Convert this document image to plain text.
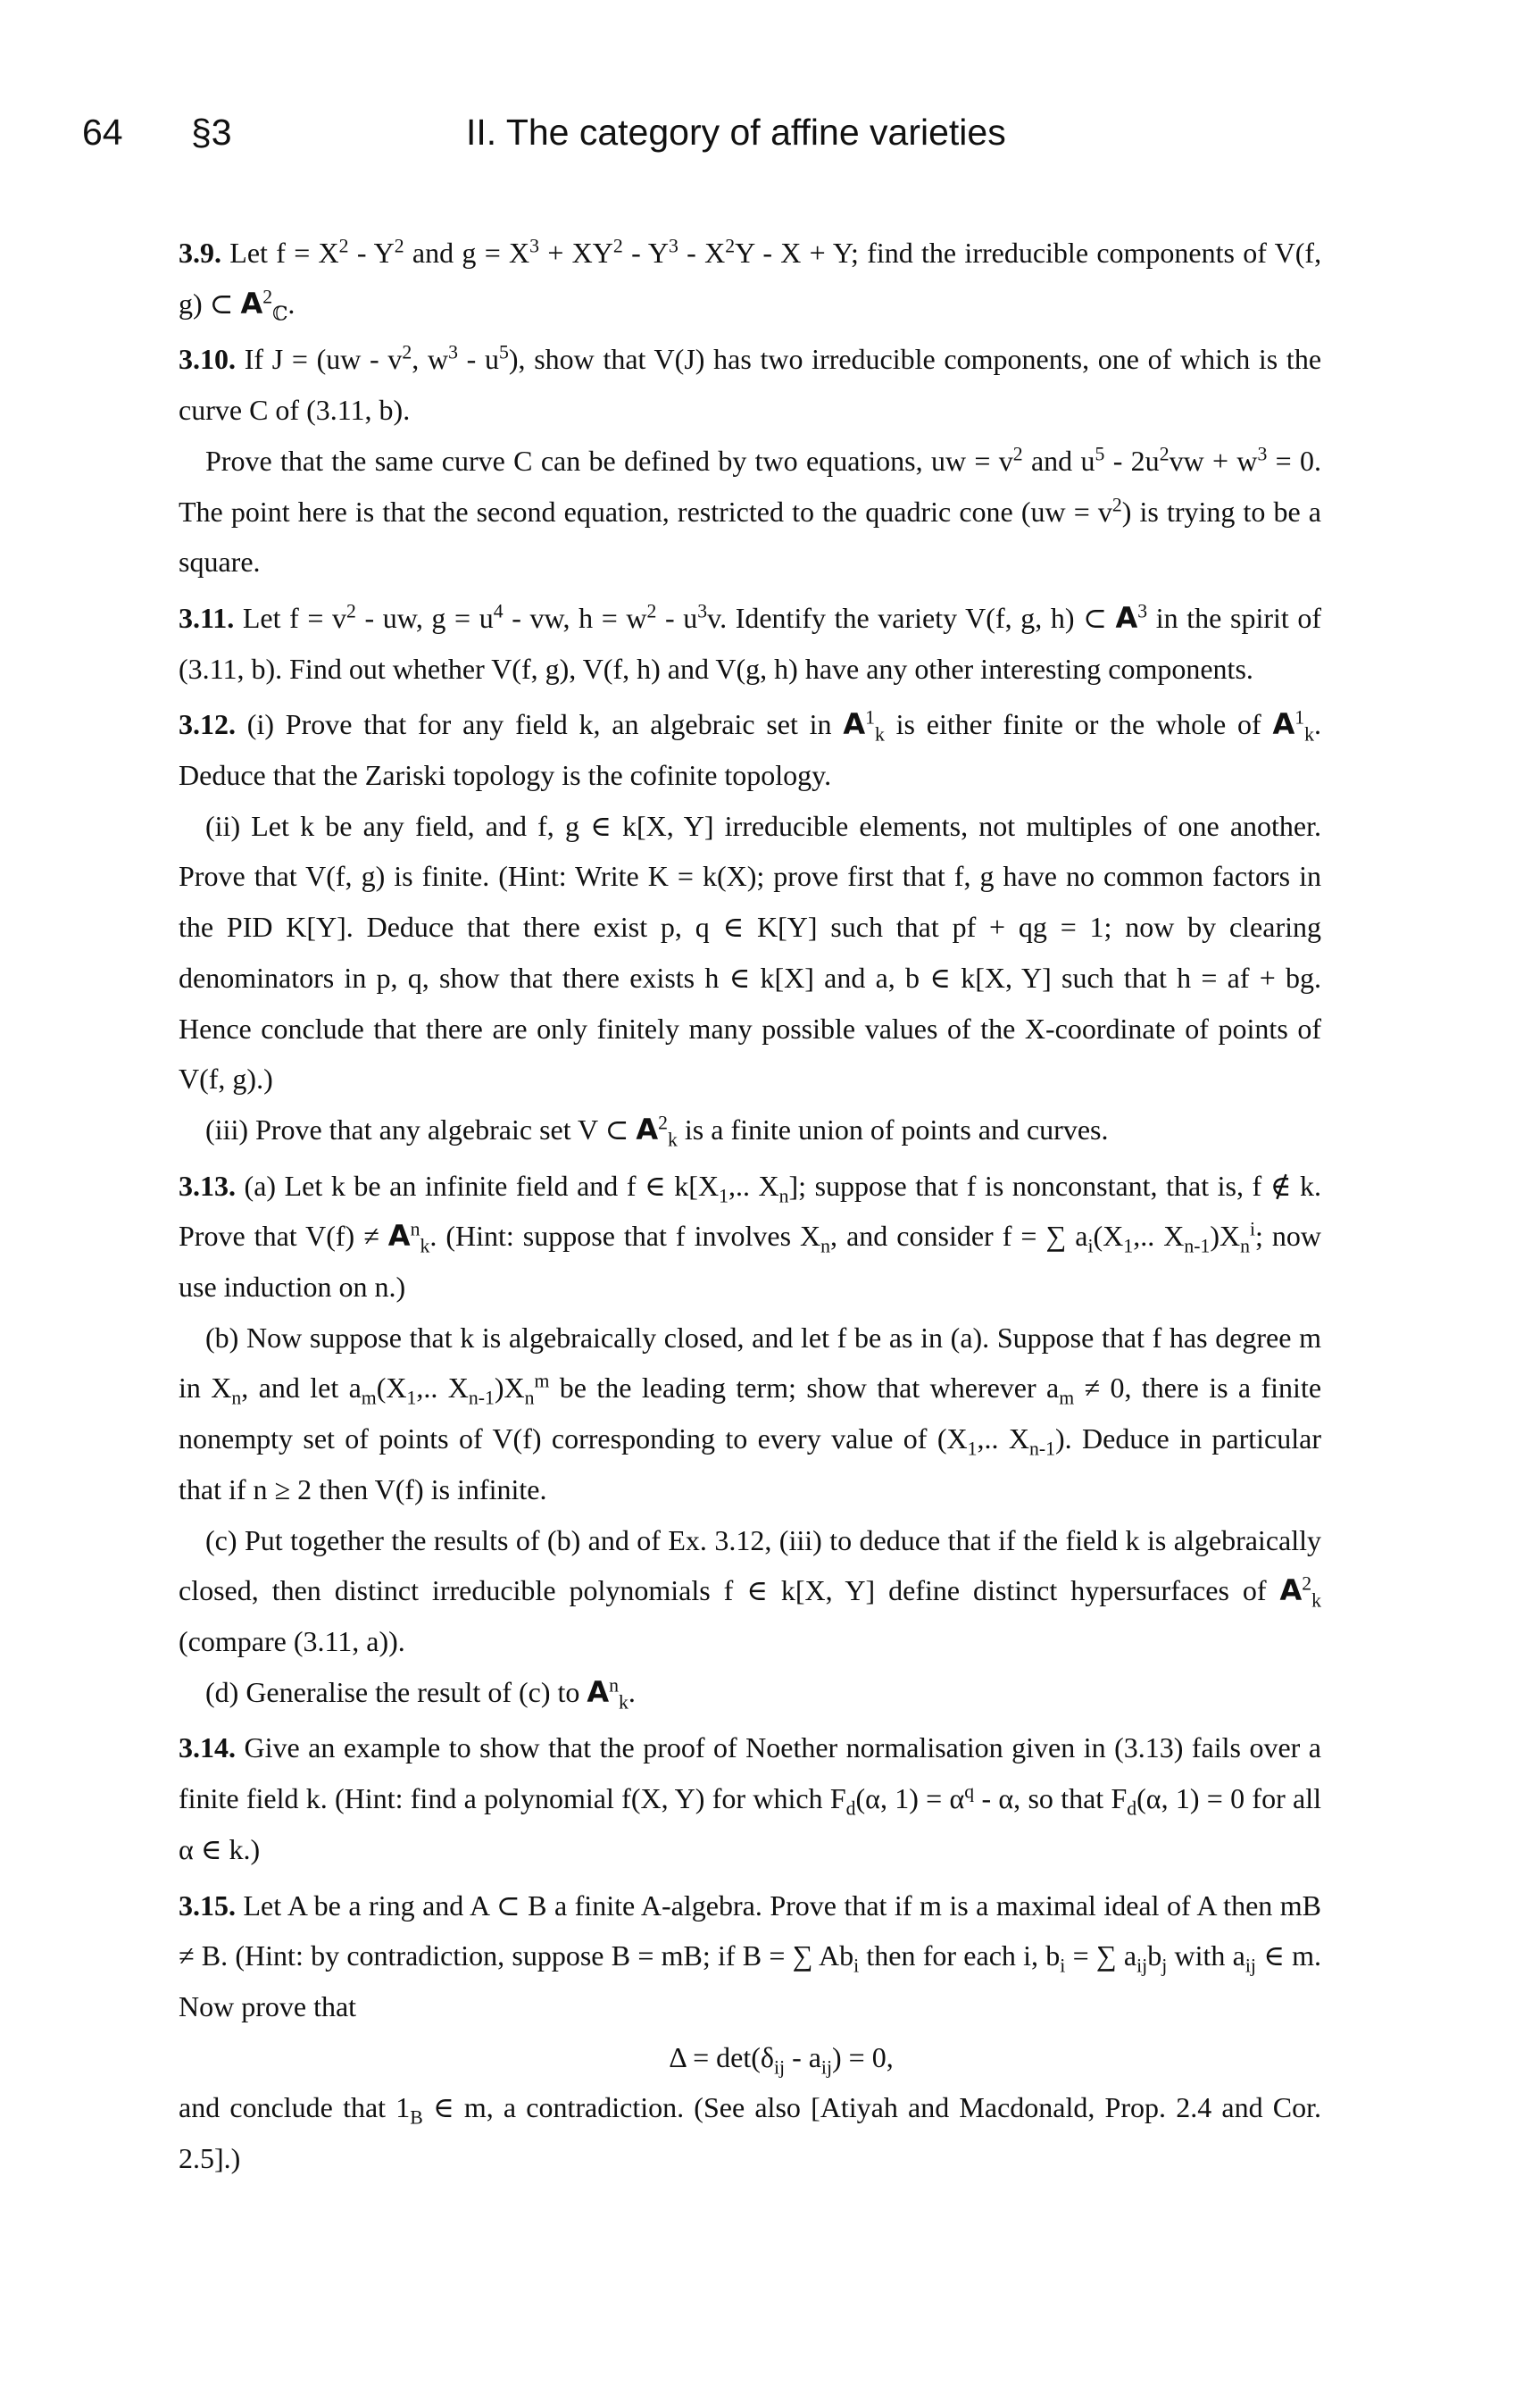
64	§3	II. The category of affine varieties

3.9. Let $f = X^2 - Y^2$ and $g = X^3 + XY^2 - Y^3 - X^2Y - X + Y$; find the irreducible components of V(f, g) ⊂ $A^2_ℂ$.

3.10. If $J = (uw - v^2$, $w^3 - u^5$), show that V(J) has two irreducible components, one of which is the curve C of (3.11, b).

Prove that the same curve C can be defined by two equations, uw = $v^2$ and $u^5 - 2u^2vw + w^3 = 0$. The point here is that the second equation, restricted to the quadric cone $(uw = v^2)$ is trying to be a square.

3.11. Let $f = v^2$ - uw, $g = u^4$ - vw, $h = w^2 - u^3v$. Identify the variety V(f, g, h) ⊂ $A^3$ in the spirit of (3.11, b). Find out whether V(f, g), V(f, h) and V(g, h) have any other interesting components.

3.12. (i) Prove that for any field k, an algebraic set in $A^1_k$ is either finite or the whole of $A^1_k$. Deduce that the Zariski topology is the cofinite topology.

(ii) Let k be any field, and f, g ∈ k[X, Y] irreducible elements, not multiples of one another. Prove that V(f, g) is finite. (Hint: Write K = k(X); prove first that f, g have no common factors in the PID K[Y]. Deduce that there exist p, q ∈ K[Y] such that pf + qg = 1; now by clearing denominators in p, q, show that there exists h ∈ k[X] and a, b ∈ k[X, Y] such that h = af + bg. Hence conclude that there are only finitely many possible values of the X-coordinate of points of V(f, g).)

(iii) Prove that any algebraic set V ⊂ $A^2_k$ is a finite union of points and curves.

3.13. (a) Let k be an infinite field and f ∈ $k[X_1$,.. $X_n$]; suppose that f is nonconstant, that is, f ∉ k. Prove that $V(f) \ne A^n_k$. (Hint: suppose that f involves $X_n$, and consider f = ∑ $a_i(X_1$,.. $X_{n-1})X_n^i$; now use induction on n.)

(b) Now suppose that k is algebraically closed, and let f be as in (a). Suppose that f has degree m in $X_n$, and let $a_m(X_1$,.. $X_{n-1})X_n^m$ be the leading term; show that wherever $a_m \ne 0$, there is a finite nonempty set of points of V(f) corresponding to every value of ($X_1$,.. $X_{n-1}$). Deduce in particular that if n ≥ 2 then V(f) is infinite.

(c) Put together the results of (b) and of Ex. 3.12, (iii) to deduce that if the field k is algebraically closed, then distinct irreducible polynomials f ∈ k[X, Y] define distinct hypersurfaces of $A^2_k$ (compare (3.11, a)).

(d) Generalise the result of (c) to $A^n_k$.

3.14. Give an example to show that the proof of Noether normalisation given in (3.13) fails over a finite field k. (Hint: find a polynomial f(X, Y) for which $F_d(\alpha$, $1) = \alpha^q - \alpha$, so that $F_d(\alpha$, 1) = 0 for all α ∈ k.)

3.15. Let A be a ring and A ⊂ B a finite A-algebra. Prove that if m is a maximal ideal of A then mB ≠ B. (Hint: by contradiction, suppose B = mB; if B = ∑ $Ab_i$ then for each i, $b_i$ = ∑ $a_{ij}b_j$ with $a_{ij}$ ∈ m. Now prove that

$\Delta = \det(\delta_{ij} - a_{ij}) = 0$,

and conclude that $1_B$ ∈ m, a contradiction. (See also [Atiyah and Macdonald, Prop. 2.4 and Cor. 2.5].)
